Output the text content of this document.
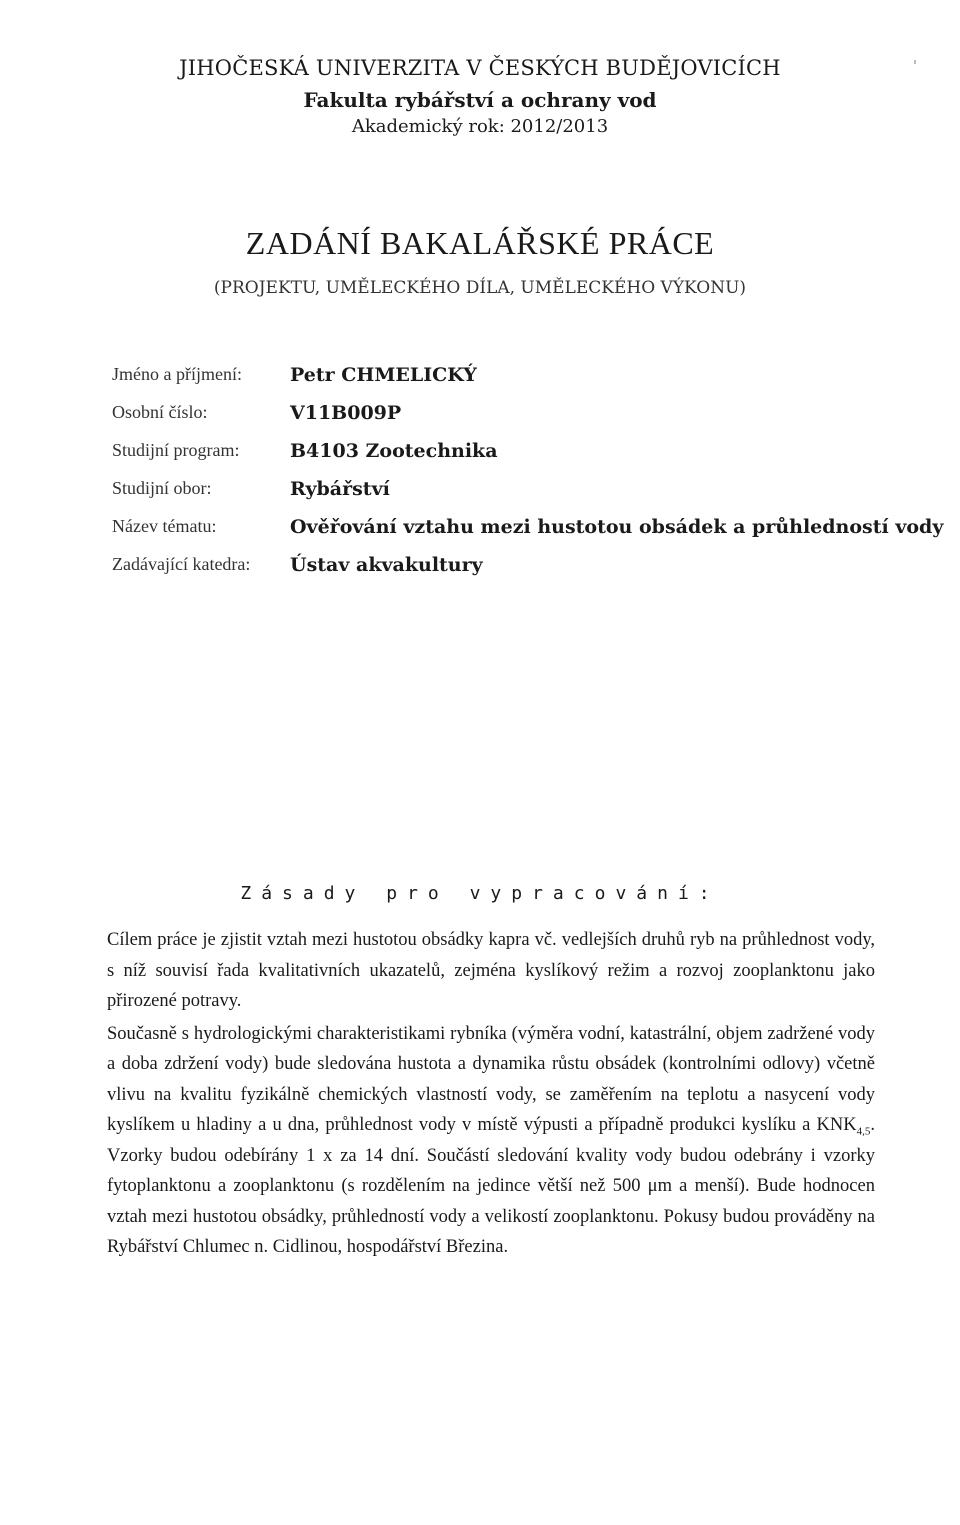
JIHOČESKÁ UNIVERZITA V ČESKÝCH BUDĚJOVICÍCH
Fakulta rybářství a ochrany vod
Akademický rok: 2012/2013
ZADÁNÍ BAKALÁŘSKÉ PRÁCE
(PROJEKTU, UMĚLECKÉHO DÍLA, UMĚLECKÉHO VÝKONU)
Jméno a příjmení:	Petr CHMELICKÝ
Osobní číslo:	V11B009P
Studijní program:	B4103 Zootechnika
Studijní obor:	Rybářství
Název tématu:	Ověřování vztahu mezi hustotou obsádek a průhledností vody
Zadávající katedra: Ústav akvakultury
Zásady pro vypracování:

Cílem práce je zjistit vztah mezi hustotou obsádky kapra vč. vedlejších druhů ryb na průhlednost vody, s níž souvisí řada kvalitativních ukazatelů, zejména kyslíkový režim a rozvoj zooplanktonu jako přirozené potravy.

Současně s hydrologickými charakteristikami rybníka (výměra vodní, katastrální, objem zadržené vody a doba zdržení vody) bude sledována hustota a dynamika růstu obsádek (kontrolními odlovy) včetně vlivu na kvalitu fyzikálně chemických vlastností vody, se zaměřením na teplotu a nasycení vody kyslíkem u hladiny a u dna, průhlednost vody v místě výpusti a případně produkci kyslíku a $KNK_{4,5}$. Vzorky budou odebírány 1 x za 14 dní. Součástí sledování kvality vody budou odebrány i vzorky fytoplanktonu a zooplanktonu (s rozdělením na jedince větší než 500 μm a menší). Bude hodnocen vztah mezi hustotou obsádky, průhledností vody a velikostí zooplanktonu. Pokusy budou prováděny na Rybářství Chlumec n. Cidlinou, hospodářství Březina.
